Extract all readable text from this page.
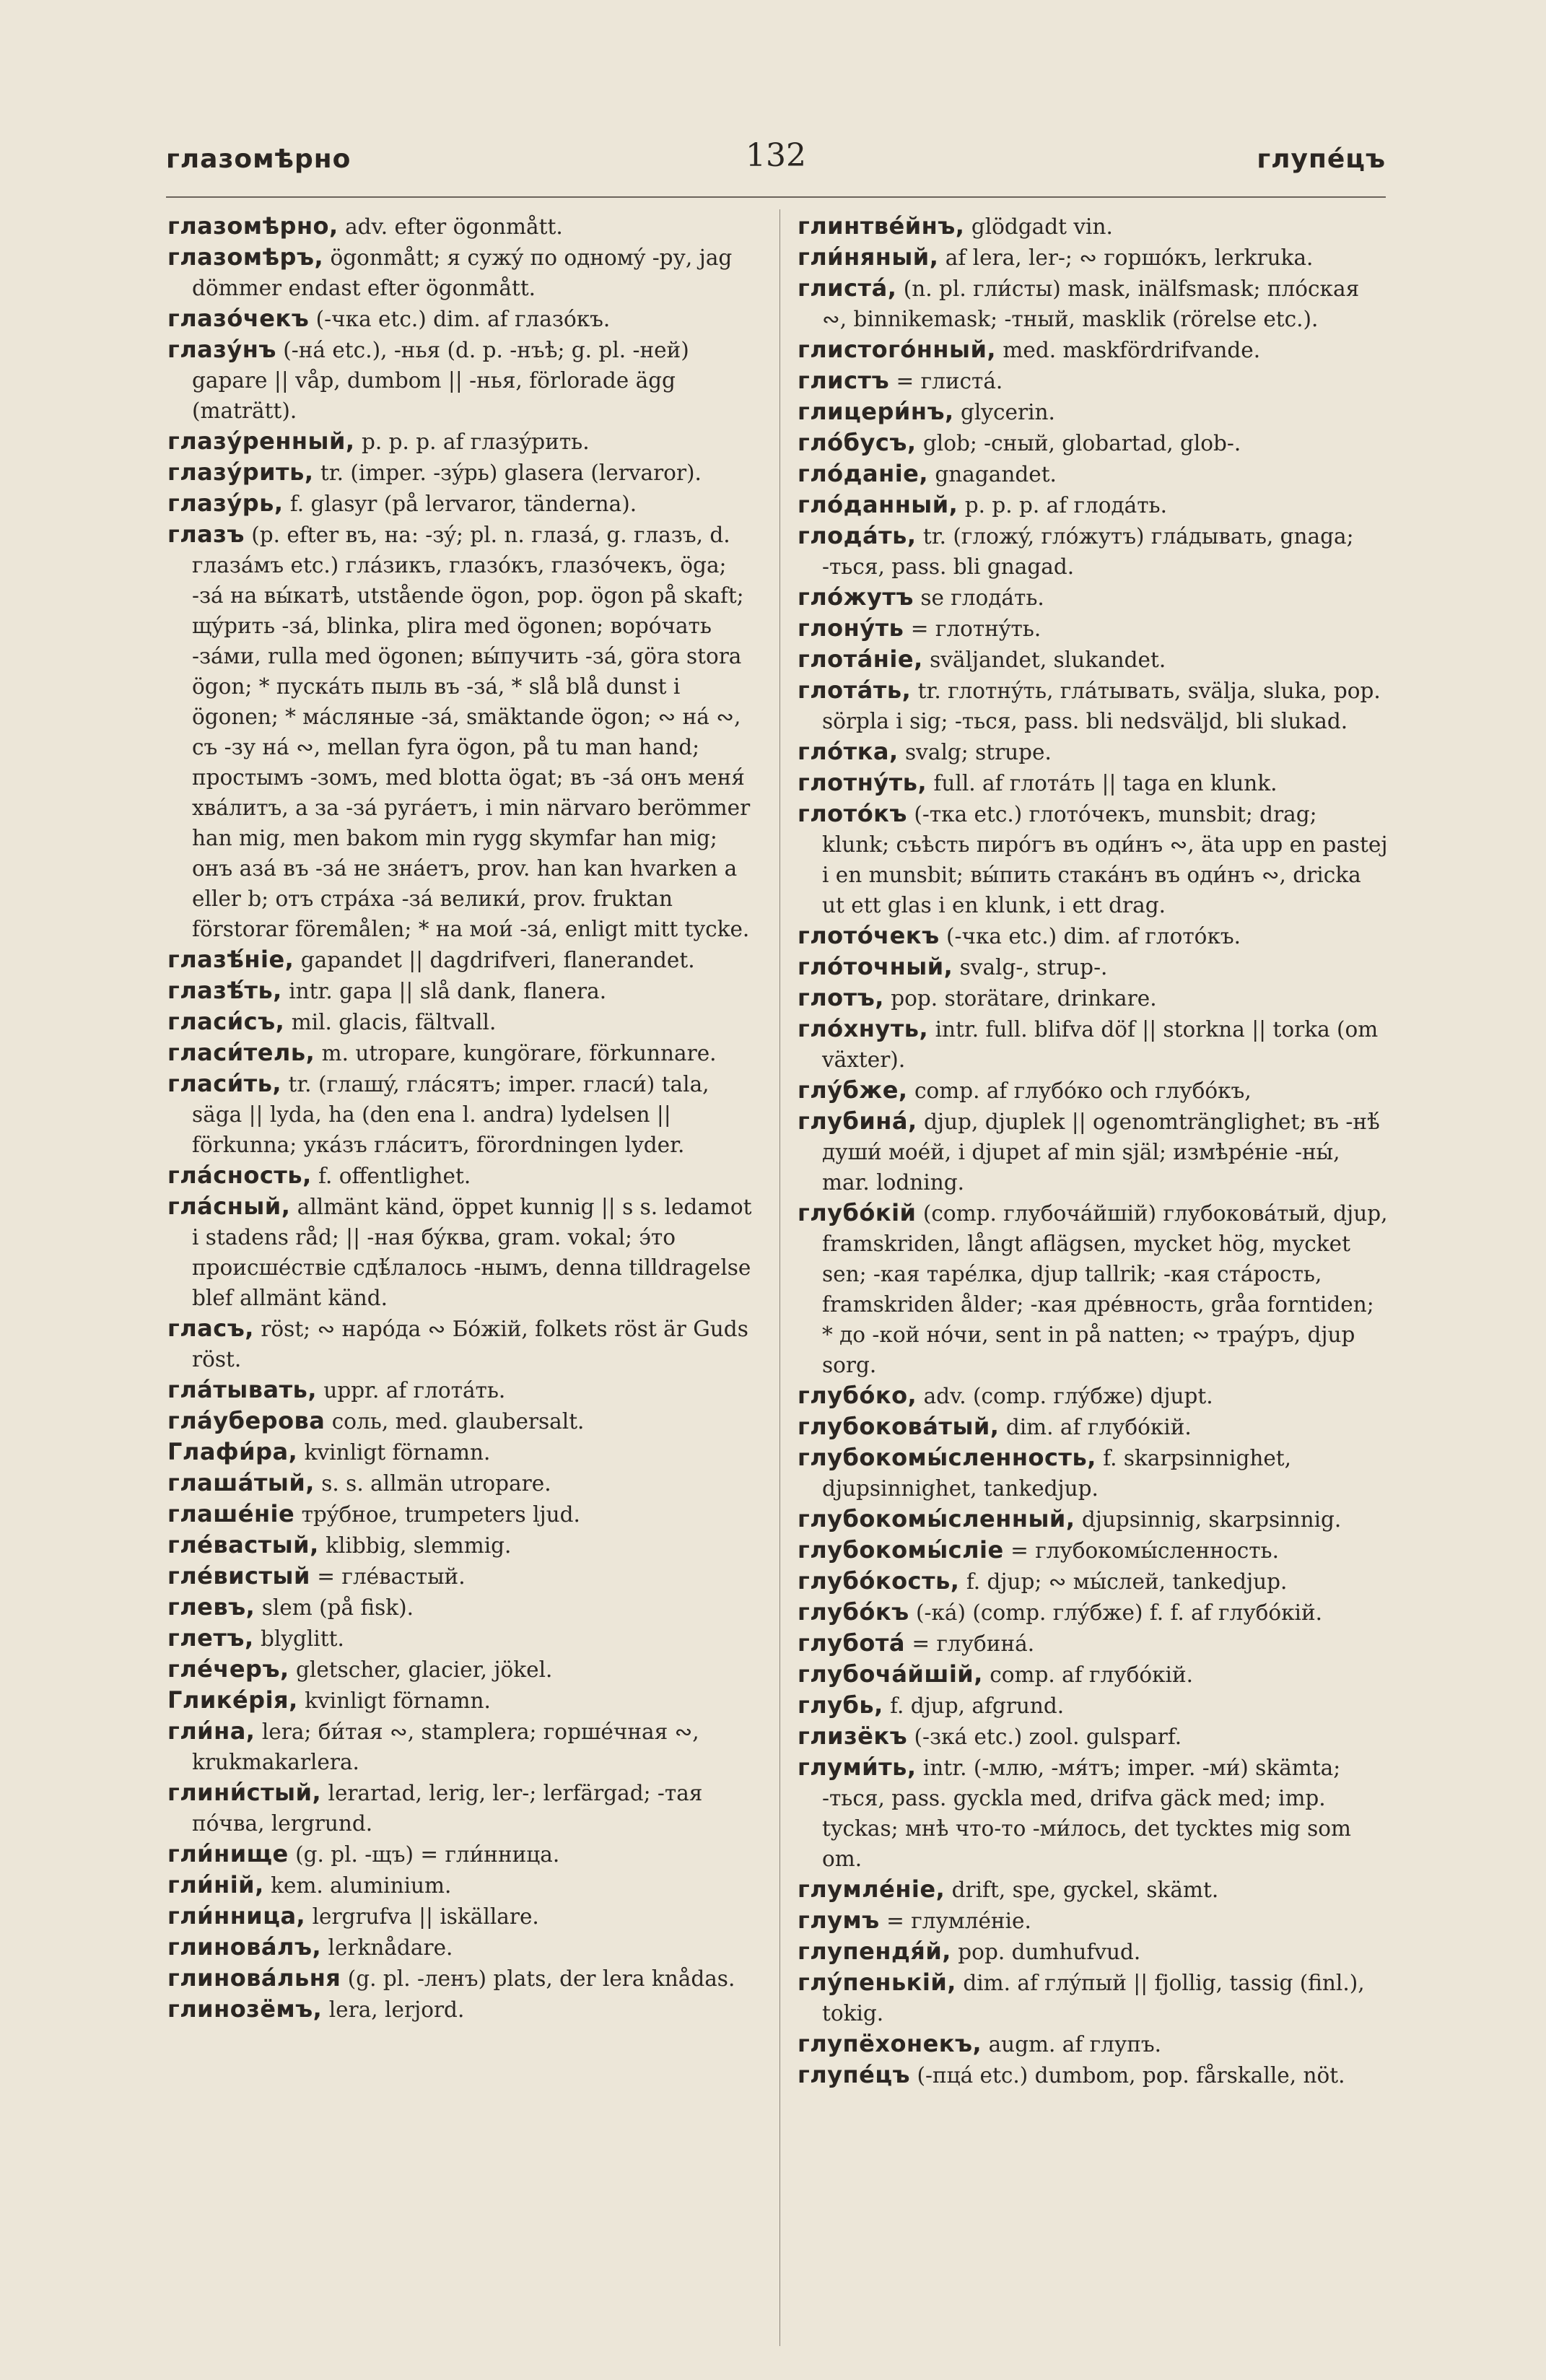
глазомѣрно	132	глупéцъ

глазомѣрно, adv. efter ögonmått.

глазомѣръ, ögonmått; я сужý по одномý -ру, jag dömmer endast efter ögonmått.

глазóчекъ (-чка etc.) dim. af глазóкъ.

глазýнъ (-нá etc.), -нья (d. p. -нъѣ; g. pl. -ней) gapare || våp, dumbom || -нья, förlorade ägg (maträtt).

глазýренный, p. p. p. af глазýрить.

глазýрить, tr. (imper. -зýрь) glasera (lervaror).

глазýрь, f. glasyr (på lervaror, tänderna).

глазъ (p. efter въ, на: -зý; pl. n. глазá, g. глазъ, d. глазáмъ etc.) глáзикъ, глазóкъ, глазóчекъ, öga; -зá на вы́катѣ, utstående ögon, pop. ögon på skaft; щýрить -зá, blinka, plira med ögonen; ворóчать -зáми, rulla med ögonen; вы́пучить -зá, göra stora ögon; * пускáть пыль въ -зá, * slå blå dunst i ögonen; * мáсляные -зá, smäktande ögon; ∾ нá ∾, съ -зу нá ∾, mellan fyra ögon, på tu man hand; простымъ -зомъ, med blotta ögat; въ -зá онъ меня́ хвáлитъ, а за -зá ругáетъ, i min närvaro berömmer han mig, men bakom min rygg skymfar han mig; онъ азá въ -зá не знáетъ, prov. han kan hvarken a eller b; отъ стрáха -зá велики́, prov. fruktan förstorar föremålen; * на мои́ -зá, enligt mitt tycke.

глазѣ́нiе, gapandet || dagdrifveri, flanerandet.

глазѣ́ть, intr. gapa || slå dank, flanera.

гласи́съ, mil. glacis, fältvall.

гласи́тель, m. utropare, kungörare, förkunnare.

гласи́ть, tr. (глашý, глáсятъ; imper. гласи́) tala, säga || lyda, ha (den ena l. andra) lydelsen || förkunna; укáзъ глáситъ, förordningen lyder.

глáсность, f. offentlighet.

глáсный, allmänt känd, öppet kunnig || s s. ledamot i stadens råd; || -ная бýква, gram. vokal; э́то происшéствiе сдѣ́лалось -нымъ, denna tilldragelse blef allmänt känd.

гласъ, röst; ∾ нарóда ∾ Бóжiй, folkets röst är Guds röst.

глáтывать, uppr. af глотáть.

глáуберова соль, med. glaubersalt.

Глафи́ра, kvinligt förnamn.

глашáтый, s. s. allmän utropare.

глашéнiе трýбное, trumpeters ljud.

глéвастый, klibbig, slemmig.

глéвистый = глéвастый.

глевъ, slem (på fisk).

глетъ, blyglitt.

глéчеръ, gletscher, glacier, jökel.

Гликéрiя, kvinligt förnamn.

гли́на, lera; би́тая ∾, stamplera; горшéчная ∾, krukmakarlera.

глини́стый, lerartad, lerig, ler-; lerfärgad; -тая пóчва, lergrund.

гли́нище (g. pl. -щъ) = гли́нница.

гли́нiй, kem. aluminium.

гли́нница, lergrufva || iskällare.

глиновáлъ, lerknådare.

глиновáльня (g. pl. -ленъ) plats, der lera knådas.

глинозёмъ, lera, lerjord.

глинтвéйнъ, glödgadt vin.

гли́няный, af lera, ler-; ∾ горшóкъ, lerkruka.

глистá, (n. pl. гли́сты) mask, inälfsmask; плóская ∾, binnikemask; -тный, masklik (rörelse etc.).

глистогóнный, med. maskfördrifvande.

глистъ = глистá.

глицери́нъ, glycerin.

глóбусъ, glob; -сный, globartad, glob-.

глóданiе, gnagandet.

глóданный, p. p. p. af глодáть.

глодáть, tr. (гложý, глóжутъ) глáдывать, gnaga; -ться, pass. bli gnagad.

глóжутъ se глодáть.

глонýть = глотнýть.

глотáнiе, sväljandet, slukandet.

глотáть, tr. глотнýть, глáтывать, svälja, sluka, pop. sörpla i sig; -ться, pass. bli nedsväljd, bli slukad.

глóтка, svalg; strupe.

глотнýть, full. af глотáть || taga en klunk.

глотóкъ (-тка etc.) глотóчекъ, munsbit; drag; klunk; съѣсть пирóгъ въ оди́нъ ∾, äta upp en pastej i en munsbit; вы́пить стакáнъ въ оди́нъ ∾, dricka ut ett glas i en klunk, i ett drag.

глотóчекъ (-чка etc.) dim. af глотóкъ.

глóточный, svalg-, strup-.

глотъ, pop. storätare, drinkare.

глóхнуть, intr. full. blifva döf || storkna || torka (om växter).

глýбже, comp. af глубóко och глубóкъ,

глубинá, djup, djuplek || ogenomtränglighet; въ -нѣ́ души́ моéй, i djupet af min själ; измѣрéнiе -ны́, mar. lodning.

глубóкiй (comp. глубочáйшiй) глубоковáтый, djup, framskriden, långt aflägsen, mycket hög, mycket sen; -кая тарéлка, djup tallrik; -кая стáрость, framskriden ålder; -кая дрéвность, gråa forntiden; * до -кой нóчи, sent in på natten; ∾ траýръ, djup sorg.

глубóко, adv. (comp. глýбже) djupt.

глубоковáтый, dim. af глубóкiй.

глубокомы́сленность, f. skarpsinnighet, djupsinnighet, tankedjup.

глубокомы́сленный, djupsinnig, skarpsinnig.

глубокомы́слiе = глубокомы́сленность.

глубóкость, f. djup; ∾ мы́слей, tankedjup.

глубóкъ (-кá) (comp. глýбже) f. f. af глубóкiй.

глуботá = глубинá.

глубочáйшiй, comp. af глубóкiй.

глубь, f. djup, afgrund.

глизёкъ (-зкá etc.) zool. gulsparf.

глуми́ть, intr. (-млю, -мя́тъ; imper. -ми́) skämta; -ться, pass. gyckla med, drifva gäck med; imp. tyckas; мнѣ что-то -ми́лось, det tycktes mig som om.

глумлéнiе, drift, spe, gyckel, skämt.

глумъ = глумлéнiе.

глупендя́й, pop. dumhufvud.

глýпенькiй, dim. af глýпый || fjollig, tassig (finl.), tokig.

глупёхонекъ, augm. af глупъ.

глупéцъ (-пцá etc.) dumbom, pop. fårskalle, nöt.
